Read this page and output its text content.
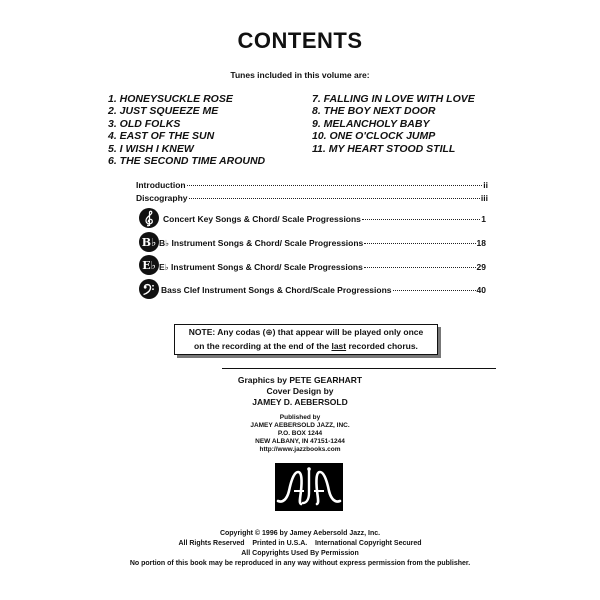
CONTENTS
Tunes included in this volume are:
1. HONEYSUCKLE ROSE
2. JUST SQUEEZE ME
3. OLD FOLKS
4. EAST OF THE SUN
5. I WISH I KNEW
6. THE SECOND TIME AROUND
7. FALLING IN LOVE WITH LOVE
8. THE BOY NEXT DOOR
9. MELANCHOLY BABY
10. ONE O'CLOCK JUMP
11. MY HEART STOOD STILL
Introduction	ii
Discography	iii
Concert Key Songs & Chord/ Scale Progressions	1
B♭ B♭ Instrument Songs & Chord/ Scale Progressions	18
E♭ E♭ Instrument Songs & Chord/ Scale Progressions	29
Bass Clef Instrument Songs & Chord/Scale Progressions	40
NOTE: Any codas (⊕) that appear will be played only once
on the recording at the end of the last recorded chorus.
Graphics by PETE GEARHART
Cover Design by
JAMEY D. AEBERSOLD
Published by
JAMEY AEBERSOLD JAZZ, INC.
P.O. BOX 1244
NEW ALBANY, IN 47151-1244
http://www.jazzbooks.com
Copyright © 1996 by Jamey Aebersold Jazz, Inc.
All Rights Reserved Printed in U.S.A. International Copyright Secured
All Copyrights Used By Permission
No portion of this book may be reproduced in any way without express permission from the publisher.
